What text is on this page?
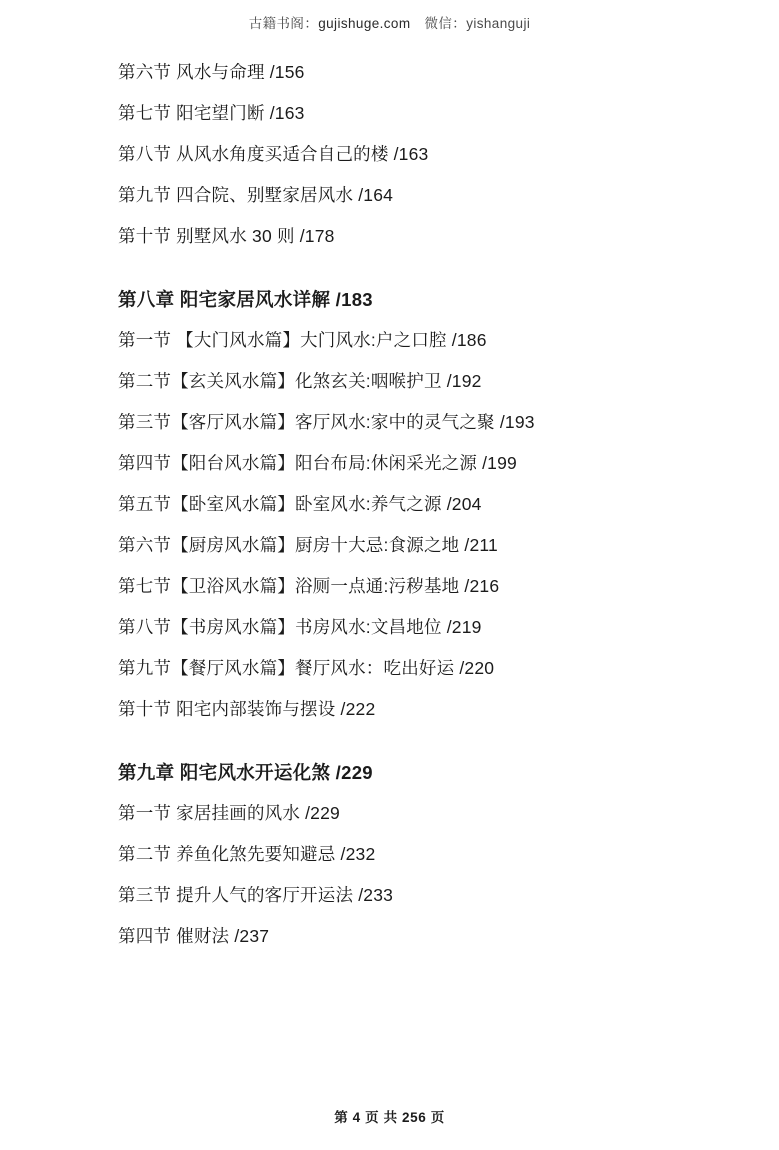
古籍书阁：gujishuge.com 微信：yishanguji
第六节 风水与命理 /156
第七节 阳宅望门断 /163
第八节 从风水角度买适合自己的楼 /163
第九节 四合院、别墅家居风水 /164
第十节 别墅风水 30 则 /178
第八章 阳宅家居风水详解 /183
第一节 【大门风水篇】大门风水:户之口腔 /186
第二节【玄关风水篇】化煞玄关:咽喉护卫 /192
第三节【客厅风水篇】客厅风水:家中的灵气之聚 /193
第四节【阳台风水篇】阳台布局:休闲采光之源 /199
第五节【卧室风水篇】卧室风水:养气之源 /204
第六节【厨房风水篇】厨房十大忌:食源之地 /211
第七节【卫浴风水篇】浴厕一点通:污秽基地 /216
第八节【书房风水篇】书房风水:文昌地位 /219
第九节【餐厅风水篇】餐厅风水：吃出好运 /220
第十节 阳宅内部装饰与摆设 /222
第九章 阳宅风水开运化煞 /229
第一节 家居挂画的风水 /229
第二节 养鱼化煞先要知避忌 /232
第三节 提升人气的客厅开运法 /233
第四节 催财法 /237
第 4 页 共 256 页
